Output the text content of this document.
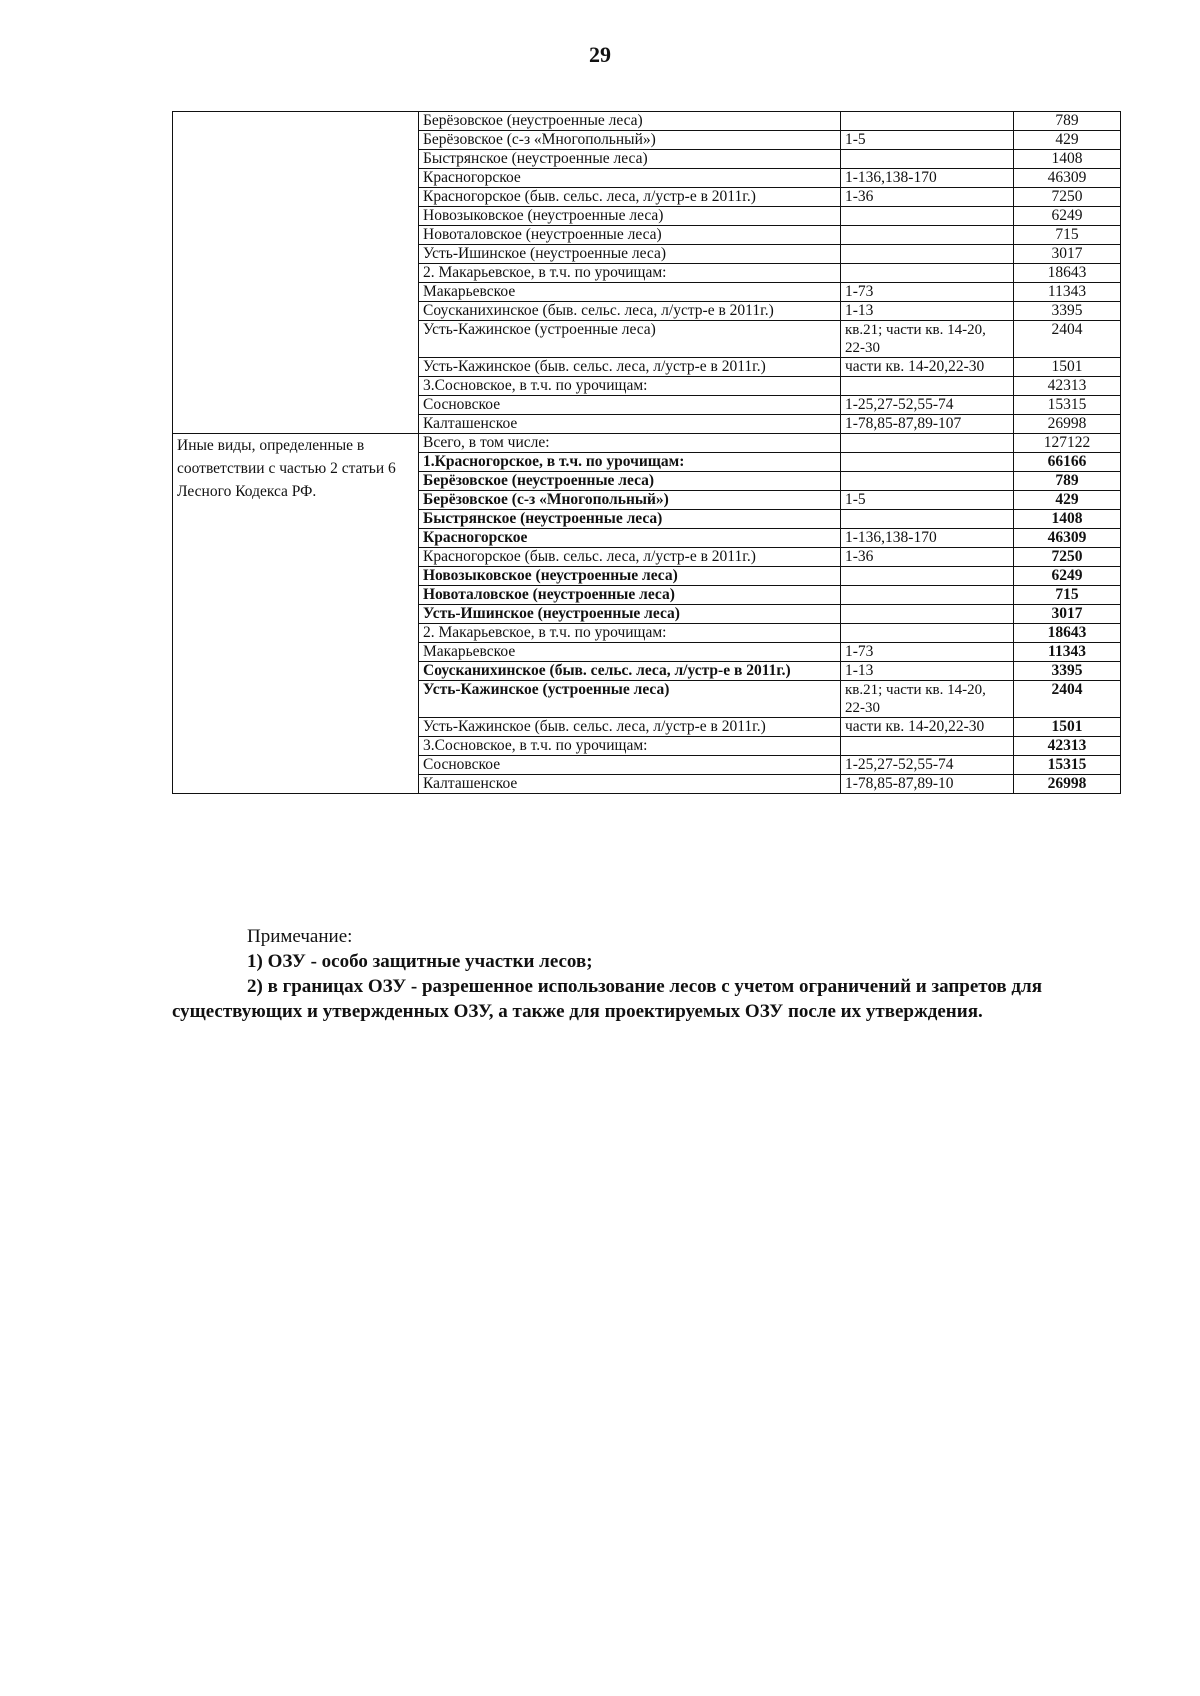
29
	Берёзовское (неустроенные леса)		789
	Берёзовское (с-з «Многопольный»)	1-5	429
	Быстрянское (неустроенные леса)		1408
	Красногорское	1-136,138-170	46309
	Красногорское (быв. сельс. леса, л/устр-е в 2011г.)	1-36	7250
	Новозыковское (неустроенные леса)		6249
	Новоталовское (неустроенные леса)		715
	Усть-Ишинское (неустроенные леса)		3017
	2. Макарьевское, в т.ч. по урочищам:		18643
	Макарьевское	1-73	11343
	Соусканихинское (быв. сельс. леса, л/устр-е в 2011г.)	1-13	3395
	Усть-Кажинское (устроенные леса)	кв.21; части кв. 14-20, 22-30	2404
	Усть-Кажинское (быв. сельс. леса, л/устр-е в 2011г.)	части кв. 14-20,22-30	1501
	3.Сосновское, в т.ч. по урочищам:		42313
	Сосновское	1-25,27-52,55-74	15315
	Калташенское	1-78,85-87,89-107	26998
Иные виды, определенные в соответствии с частью 2 статьи 6 Лесного Кодекса РФ.	Всего, в том числе:		127122
	1.Красногорское, в т.ч. по урочищам:		66166
	Берёзовское (неустроенные леса)		789
	Берёзовское (с-з «Многопольный»)	1-5	429
	Быстрянское (неустроенные леса)		1408
	Красногорское	1-136,138-170	46309
	Красногорское (быв. сельс. леса, л/устр-е в 2011г.)	1-36	7250
	Новозыковское (неустроенные леса)		6249
	Новоталовское (неустроенные леса)		715
	Усть-Ишинское (неустроенные леса)		3017
	2. Макарьевское, в т.ч. по урочищам:		18643
	Макарьевское	1-73	11343
	Соусканихинское (быв. сельс. леса, л/устр-е в 2011г.)	1-13	3395
	Усть-Кажинское (устроенные леса)	кв.21; части кв. 14-20, 22-30	2404
	Усть-Кажинское (быв. сельс. леса, л/устр-е в 2011г.)	части кв. 14-20,22-30	1501
	3.Сосновское, в т.ч. по урочищам:		42313
	Сосновское	1-25,27-52,55-74	15315
	Калташенское	1-78,85-87,89-10	26998
Примечание:
1) ОЗУ - особо защитные участки лесов;
2) в границах ОЗУ - разрешенное использование лесов с учетом ограничений и запретов для
существующих и утвержденных ОЗУ, а также для проектируемых ОЗУ после их утверждения.
